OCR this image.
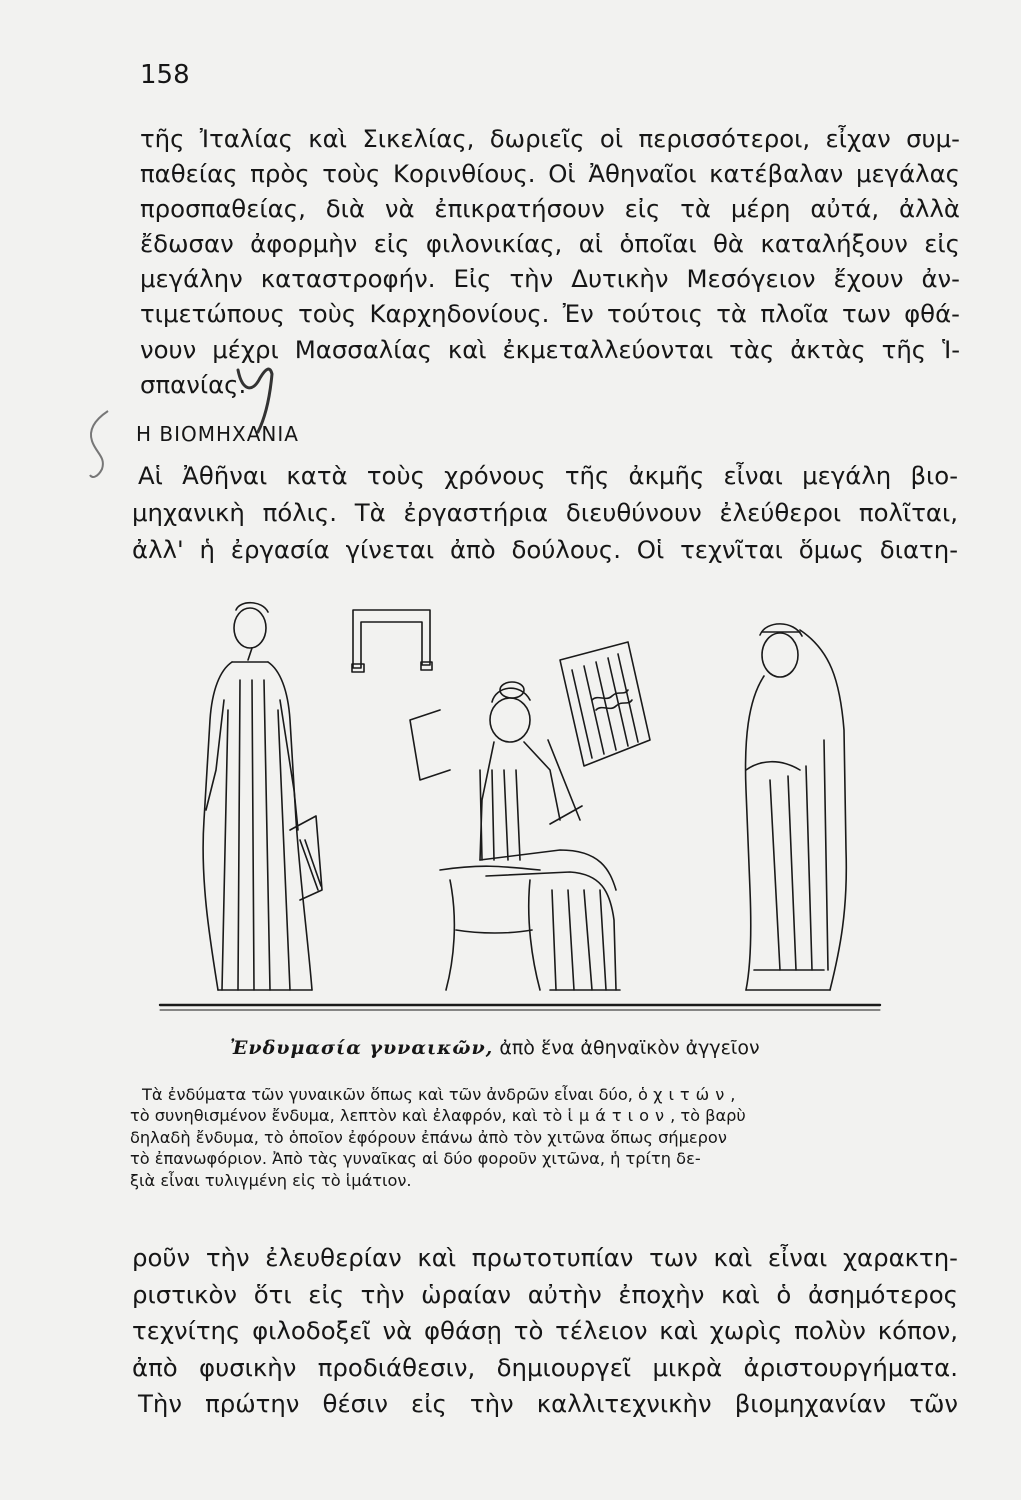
158
τῆς Ἰταλίας καὶ Σικελίας, δωριεῖς οἱ περισσότεροι, εἶχαν συμ-
παθείας πρὸς τοὺς Κορινθίους. Οἱ Ἀθηναῖοι κατέβαλαν μεγάλας
προσπαθείας, διὰ νὰ ἐπικρατήσουν εἰς τὰ μέρη αὐτά, ἀλλὰ
ἔδωσαν ἀφορμὴν εἰς φιλονικίας, αἱ ὁποῖαι θὰ καταλήξουν εἰς
μεγάλην καταστροφήν. Εἰς τὴν Δυτικὴν Μεσόγειον ἔχουν ἀν-
τιμετώπους τοὺς Καρχηδονίους. Ἐν τούτοις τὰ πλοῖα των φθά-
νουν μέχρι Μασσαλίας καὶ ἐκμεταλλεύονται τὰς ἀκτὰς τῆς Ἱ-
σπανίας.
Η ΒΙΟΜΗΧΑΝΙΑ
Αἱ Ἀθῆναι κατὰ τοὺς χρόνους τῆς ἀκμῆς εἶναι μεγάλη βιο-
μηχανικὴ πόλις. Τὰ ἐργαστήρια διευθύνουν ἐλεύθεροι πολῖται,
ἀλλ' ἡ ἐργασία γίνεται ἀπὸ δούλους. Οἱ τεχνῖται ὅμως διατη-
Ἐνδυμασία γυναικῶν, ἀπὸ ἕνα ἀθηναϊκὸν ἀγγεῖον
Τὰ ἐνδύματα τῶν γυναικῶν ὅπως καὶ τῶν ἀνδρῶν εἶναι δύο, ὁ χιτών,
τὸ συνηθισμένον ἔνδυμα, λεπτὸν καὶ ἐλαφρόν, καὶ τὸ ἱμάτιον, τὸ βαρὺ
δηλαδὴ ἔνδυμα, τὸ ὁποῖον ἐφόρουν ἐπάνω ἀπὸ τὸν χιτῶνα ὅπως σήμερον
τὸ ἐπανωφόριον. Ἀπὸ τὰς γυναῖκας αἱ δύο φοροῦν χιτῶνα, ἡ τρίτη δε-
ξιὰ εἶναι τυλιγμένη εἰς τὸ ἱμάτιον.
ροῦν τὴν ἐλευθερίαν καὶ πρωτοτυπίαν των καὶ εἶναι χαρακτη-
ριστικὸν ὅτι εἰς τὴν ὡραίαν αὐτὴν ἐποχὴν καὶ ὁ ἀσημότερος
τεχνίτης φιλοδοξεῖ νὰ φθάσῃ τὸ τέλειον καὶ χωρὶς πολὺν κόπον,
ἀπὸ φυσικὴν προδιάθεσιν, δημιουργεῖ μικρὰ ἀριστουργήματα.
Τὴν πρώτην θέσιν εἰς τὴν καλλιτεχνικὴν βιομηχανίαν τῶν
